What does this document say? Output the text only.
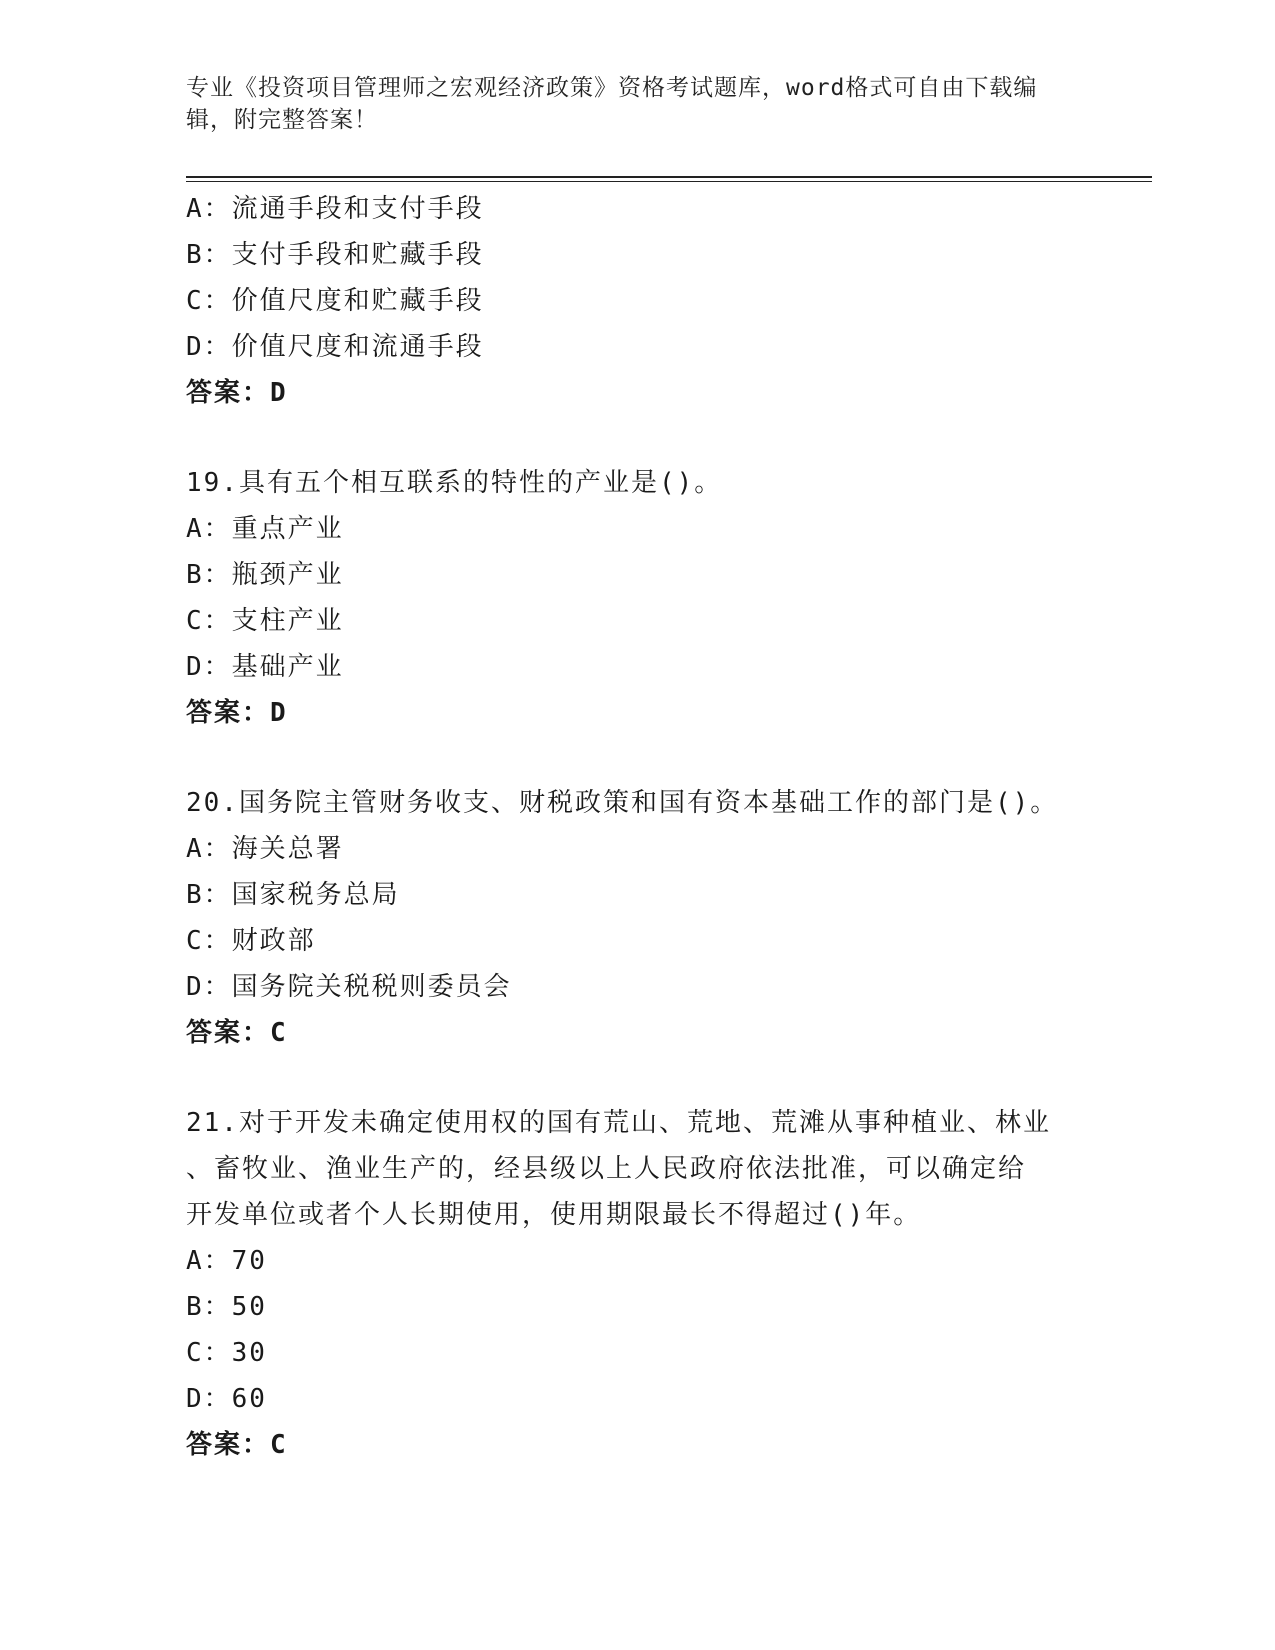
专业《投资项目管理师之宏观经济政策》资格考试题库，word格式可自由下载编辑，附完整答案！
A：流通手段和支付手段
B：支付手段和贮藏手段
C：价值尺度和贮藏手段
D：价值尺度和流通手段
答案：D
19.具有五个相互联系的特性的产业是()。
A：重点产业
B：瓶颈产业
C：支柱产业
D：基础产业
答案：D
20.国务院主管财务收支、财税政策和国有资本基础工作的部门是()。
A：海关总署
B：国家税务总局
C：财政部
D：国务院关税税则委员会
答案：C
21.对于开发未确定使用权的国有荒山、荒地、荒滩从事种植业、林业
、畜牧业、渔业生产的，经县级以上人民政府依法批准，可以确定给
开发单位或者个人长期使用，使用期限最长不得超过()年。
A：70
B：50
C：30
D：60
答案：C
